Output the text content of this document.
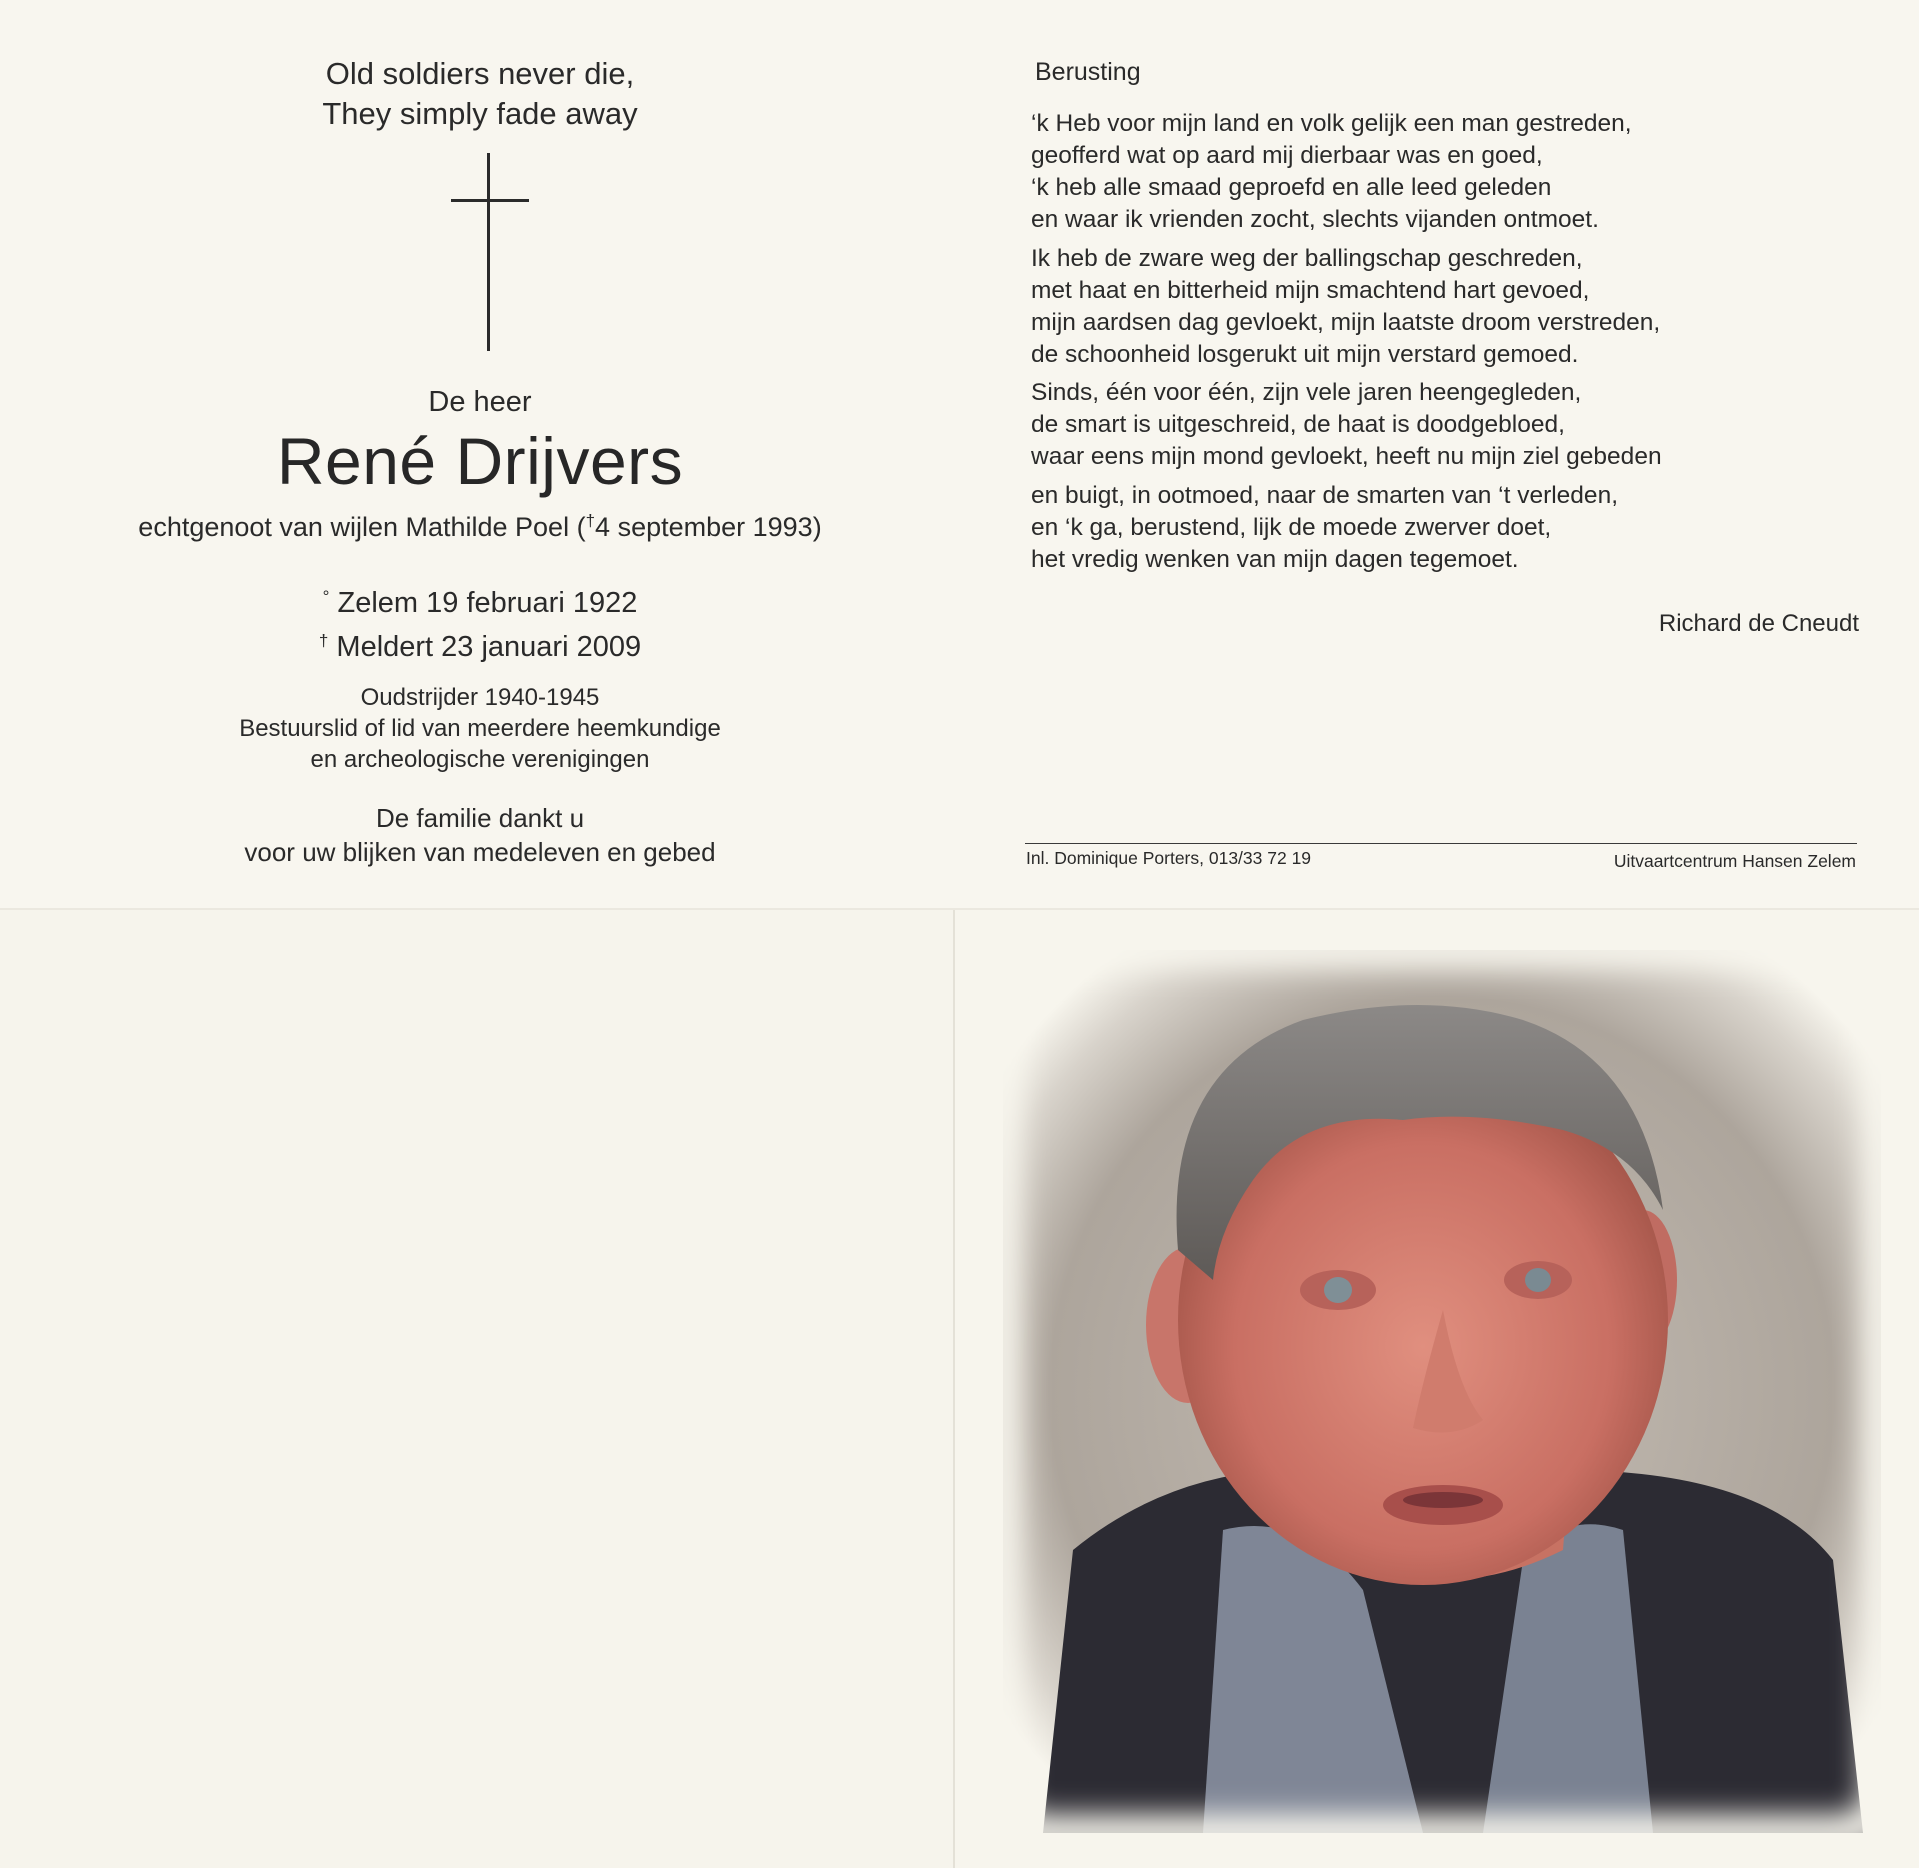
Old soldiers never die,
They simply fade away
De heer
René Drijvers
echtgenoot van wijlen Mathilde Poel (†4 september 1993)
° Zelem 19 februari 1922
† Meldert 23 januari 2009
Oudstrijder 1940-1945
Bestuurslid of lid van meerdere heemkundige
en archeologische verenigingen
De familie dankt u
voor uw blijken van medeleven en gebed
Berusting
‘k Heb voor mijn land en volk gelijk een man gestreden,
geofferd wat op aard mij dierbaar was en goed,
‘k heb alle smaad geproefd en alle leed geleden
en waar ik vrienden zocht, slechts vijanden ontmoet.
Ik heb de zware weg der ballingschap geschreden,
met haat en bitterheid mijn smachtend hart gevoed,
mijn aardsen dag gevloekt, mijn laatste droom verstreden,
de schoonheid losgerukt uit mijn verstard gemoed.
Sinds, één voor één, zijn vele jaren heengegleden,
de smart is uitgeschreid, de haat is doodgebloed,
waar eens mijn mond gevloekt, heeft nu mijn ziel gebeden
en buigt, in ootmoed, naar de smarten van ‘t verleden,
en ‘k ga, berustend, lijk de moede zwerver doet,
het vredig wenken van mijn dagen tegemoet.
Richard de Cneudt
Inl. Dominique Porters, 013/33 72 19	Uitvaartcentrum Hansen Zelem
